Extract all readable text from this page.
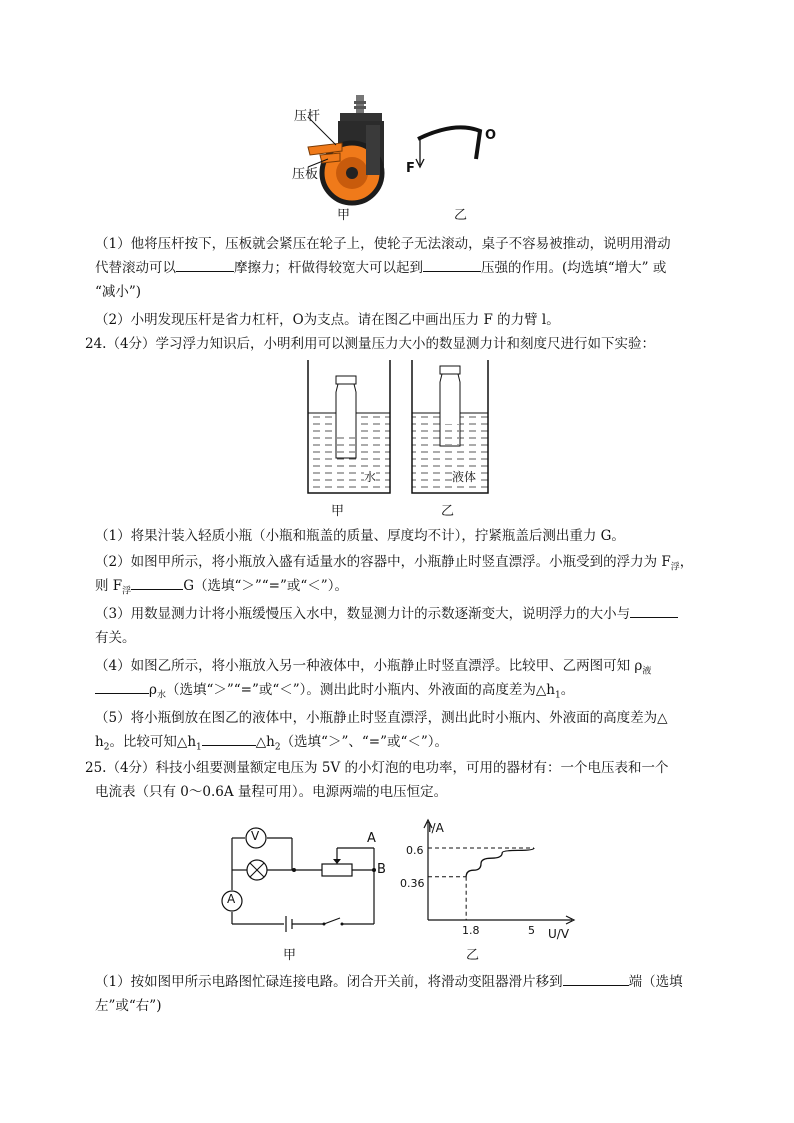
压杆
压板
O
F
甲	乙
（1）他将压杆按下，压板就会紧压在轮子上，使轮子无法滚动，桌子不容易被推动，说明用滑动
代替滚动可以	摩擦力；杆做得较宽大可以起到	压强的作用。(均选填“增大” 或
“减小”)
（2）小明发现压杆是省力杠杆，O为支点。请在图乙中画出压力 F 的力臂 l。
24.（4分）学习浮力知识后，小明利用可以测量压力大小的数显测力计和刻度尺进行如下实验：
水	液体
甲	乙
（1）将果汁装入轻质小瓶（小瓶和瓶盖的质量、厚度均不计），拧紧瓶盖后测出重力 G。
（2）如图甲所示，将小瓶放入盛有适量水的容器中，小瓶静止时竖直漂浮。小瓶受到的浮力为 $F_浮$，
则 $F_浮$	G（选填“＞”“=”或“＜”）。
（3）用数显测力计将小瓶缓慢压入水中，数显测力计的示数逐渐变大，说明浮力的大小与
有关。
（4）如图乙所示，将小瓶放入另一种液体中，小瓶静止时竖直漂浮。比较甲、乙两图可知 $\rho_液$
$\rho_水$（选填“＞”“=”或“＜”）。测出此时小瓶内、外液面的高度差为$\triangle h_1$。
（5）将小瓶倒放在图乙的液体中，小瓶静止时竖直漂浮，测出此时小瓶内、外液面的高度差为△
$h_2$。比较可知$\triangle h_1$	$\triangle h_2$（选填“＞”、“=”或“＜”）。
25.（4分）科技小组要测量额定电压为 5V 的小灯泡的电功率，可用的器材有：一个电压表和一个
电流表（只有 0～0.6A 量程可用）。电源两端的电压恒定。
V
A
A
B
甲
I/A
U/V
0.6
0.36
1.8	5
乙
（1）按如图甲所示电路图忙碌连接电路。闭合开关前，将滑动变阻器滑片移到	端（选填
左”或“右”)
